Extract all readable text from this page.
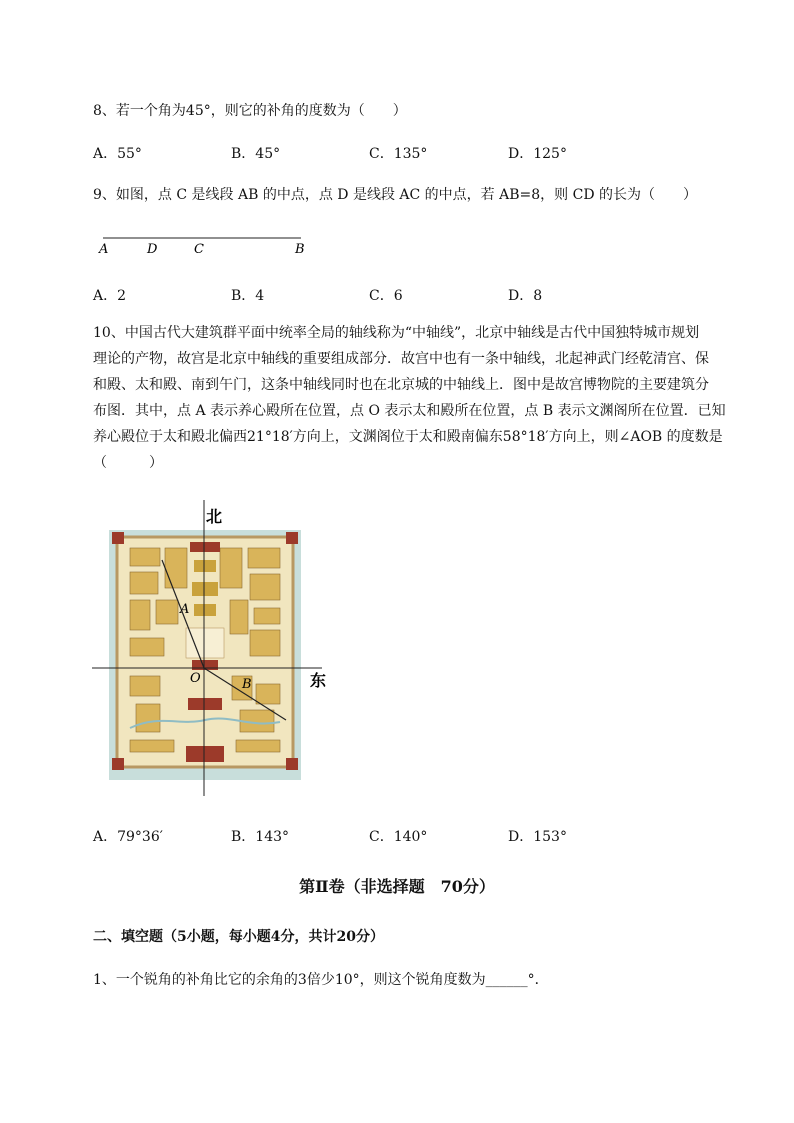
8、若一个角为45°，则它的补角的度数为（　　）
A．55°	B．45°	C．135°	D．125°
9、如图，点 C 是线段 AB 的中点，点 D 是线段 AC 的中点，若 AB=8，则 CD 的长为（　　）
A	D	C	B
A．2	B．4	C．6	D．8
10、中国古代大建筑群平面中统率全局的轴线称为“中轴线”，北京中轴线是古代中国独特城市规划
理论的产物，故宫是北京中轴线的重要组成部分．故宫中也有一条中轴线，北起神武门经乾清宫、保
和殿、太和殿、南到午门，这条中轴线同时也在北京城的中轴线上．图中是故宫博物院的主要建筑分
布图．其中，点 A 表示养心殿所在位置，点 O 表示太和殿所在位置，点 B 表示文渊阁所在位置．已知
养心殿位于太和殿北偏西21°18′方向上，文渊阁位于太和殿南偏东58°18′方向上，则∠AOB 的度数是
（　　　）
北
东
A
O	B
A．79°36′	B．143°	C．140°	D．153°
第Ⅱ卷（非选择题　70分）
二、填空题（5小题，每小题4分，共计20分）
1、一个锐角的补角比它的余角的3倍少10°，则这个锐角度数为______°．
